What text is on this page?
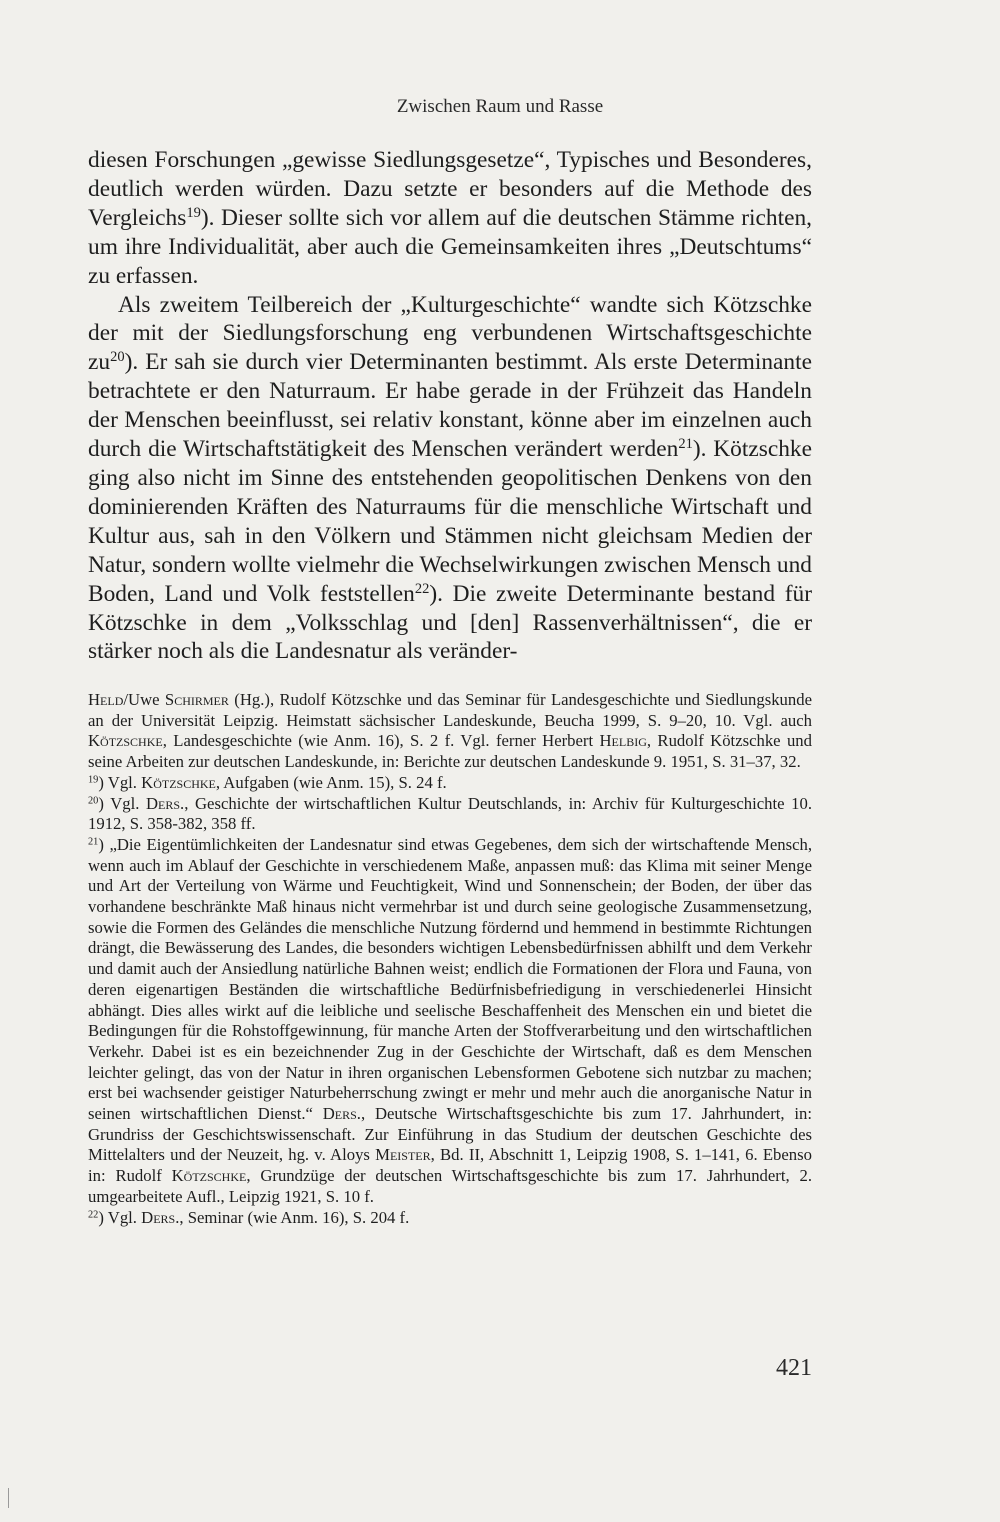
Zwischen Raum und Rasse

diesen Forschungen „gewisse Siedlungsgesetze“, Typisches und Besonderes, deutlich werden würden. Dazu setzte er besonders auf die Methode des Vergleichs$^{19}$). Dieser sollte sich vor allem auf die deutschen Stämme richten, um ihre Individualität, aber auch die Gemeinsamkeiten ihres „Deutschtums“ zu erfassen.

Als zweitem Teilbereich der „Kulturgeschichte“ wandte sich Kötzschke der mit der Siedlungsforschung eng verbundenen Wirtschaftsgeschichte $zu^{20}$). Er sah sie durch vier Determinanten bestimmt. Als erste Determinante betrachtete er den Naturraum. Er habe gerade in der Frühzeit das Handeln der Menschen beeinflusst, sei relativ konstant, könne aber im einzelnen auch durch die Wirtschaftstätigkeit des Menschen verändert werden$^{21}$). Kötzschke ging also nicht im Sinne des entstehenden geopolitischen Denkens von den dominierenden Kräften des Naturraums für die menschliche Wirtschaft und Kultur aus, sah in den Völkern und Stämmen nicht gleichsam Medien der Natur, sondern wollte vielmehr die Wechselwirkungen zwischen Mensch und Boden, Land und Volk feststellen$^{22}$). Die zweite Determinante bestand für Kötzschke in dem „Volksschlag und [den] Rassenverhältnissen“, die er stärker noch als die Landesnatur als veränder-

Held/Uwe Schirmer (Hg.), Rudolf Kötzschke und das Seminar für Landesgeschichte und Siedlungskunde an der Universität Leipzig. Heimstatt sächsischer Landeskunde, Beucha 1999, S. 9–20, 10. Vgl. auch Kötzschke, Landesgeschichte (wie Anm. 16), S. 2 f. Vgl. ferner Herbert Helbig, Rudolf Kötzschke und seine Arbeiten zur deutschen Landeskunde, in: Berichte zur deutschen Landeskunde 9. 1951, S. 31–37, 32.

$^{19}$) Vgl. Kötzschke, Aufgaben (wie Anm. 15), S. 24 f.

$^{20}$) Vgl. Ders., Geschichte der wirtschaftlichen Kultur Deutschlands, in: Archiv für Kulturgeschichte 10. 1912, S. 358-382, 358 ff.

$^{21}$) „Die Eigentümlichkeiten der Landesnatur sind etwas Gegebenes, dem sich der wirtschaftende Mensch, wenn auch im Ablauf der Geschichte in verschiedenem Maße, anpassen muß: das Klima mit seiner Menge und Art der Verteilung von Wärme und Feuchtigkeit, Wind und Sonnenschein; der Boden, der über das vorhandene beschränkte Maß hinaus nicht vermehrbar ist und durch seine geologische Zusammensetzung, sowie die Formen des Geländes die menschliche Nutzung fördernd und hemmend in bestimmte Richtungen drängt, die Bewässerung des Landes, die besonders wichtigen Lebensbedürfnissen abhilft und dem Verkehr und damit auch der Ansiedlung natürliche Bahnen weist; endlich die Formationen der Flora und Fauna, von deren eigenartigen Beständen die wirtschaftliche Bedürfnisbefriedigung in verschiedenerlei Hinsicht abhängt. Dies alles wirkt auf die leibliche und seelische Beschaffenheit des Menschen ein und bietet die Bedingungen für die Rohstoffgewinnung, für manche Arten der Stoffverarbeitung und den wirtschaftlichen Verkehr. Dabei ist es ein bezeichnender Zug in der Geschichte der Wirtschaft, daß es dem Menschen leichter gelingt, das von der Natur in ihren organischen Lebensformen Gebotene sich nutzbar zu machen; erst bei wachsender geistiger Naturbeherrschung zwingt er mehr und mehr auch die anorganische Natur in seinen wirtschaftlichen Dienst.“ Ders., Deutsche Wirtschaftsgeschichte bis zum 17. Jahrhundert, in: Grundriss der Geschichtswissenschaft. Zur Einführung in das Studium der deutschen Geschichte des Mittelalters und der Neuzeit, hg. v. Aloys Meister, Bd. II, Abschnitt 1, Leipzig 1908, S. 1–141, 6. Ebenso in: Rudolf Kötzschke, Grundzüge der deutschen Wirtschaftsgeschichte bis zum 17. Jahrhundert, 2. umgearbeitete Aufl., Leipzig 1921, S. 10 f.

$^{22}$) Vgl. Ders., Seminar (wie Anm. 16), S. 204 f.

421
